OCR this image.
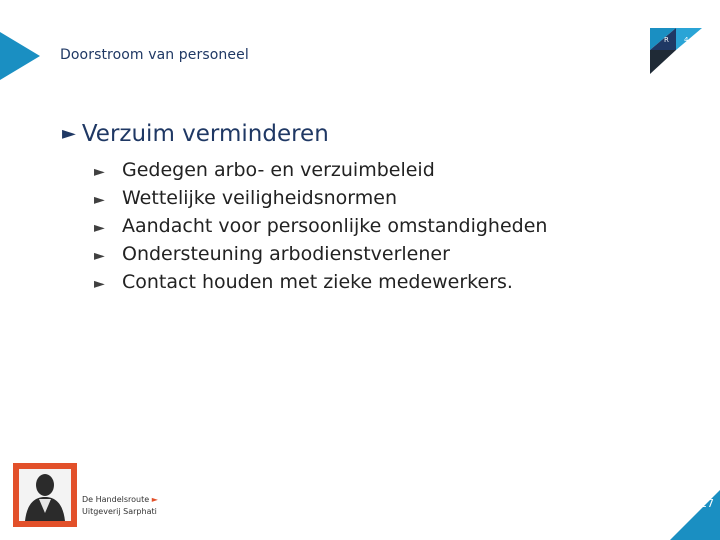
Doorstroom van personeel
R 4
► Verzuim verminderen
► Gedegen arbo- en verzuimbeleid
► Wettelijke veiligheidsnormen
► Aandacht voor persoonlijke omstandigheden
► Ondersteuning arbodienstverlener
► Contact houden met zieke medewerkers.
De Handelsroute ►
Uitgeverij Sarphati
27
